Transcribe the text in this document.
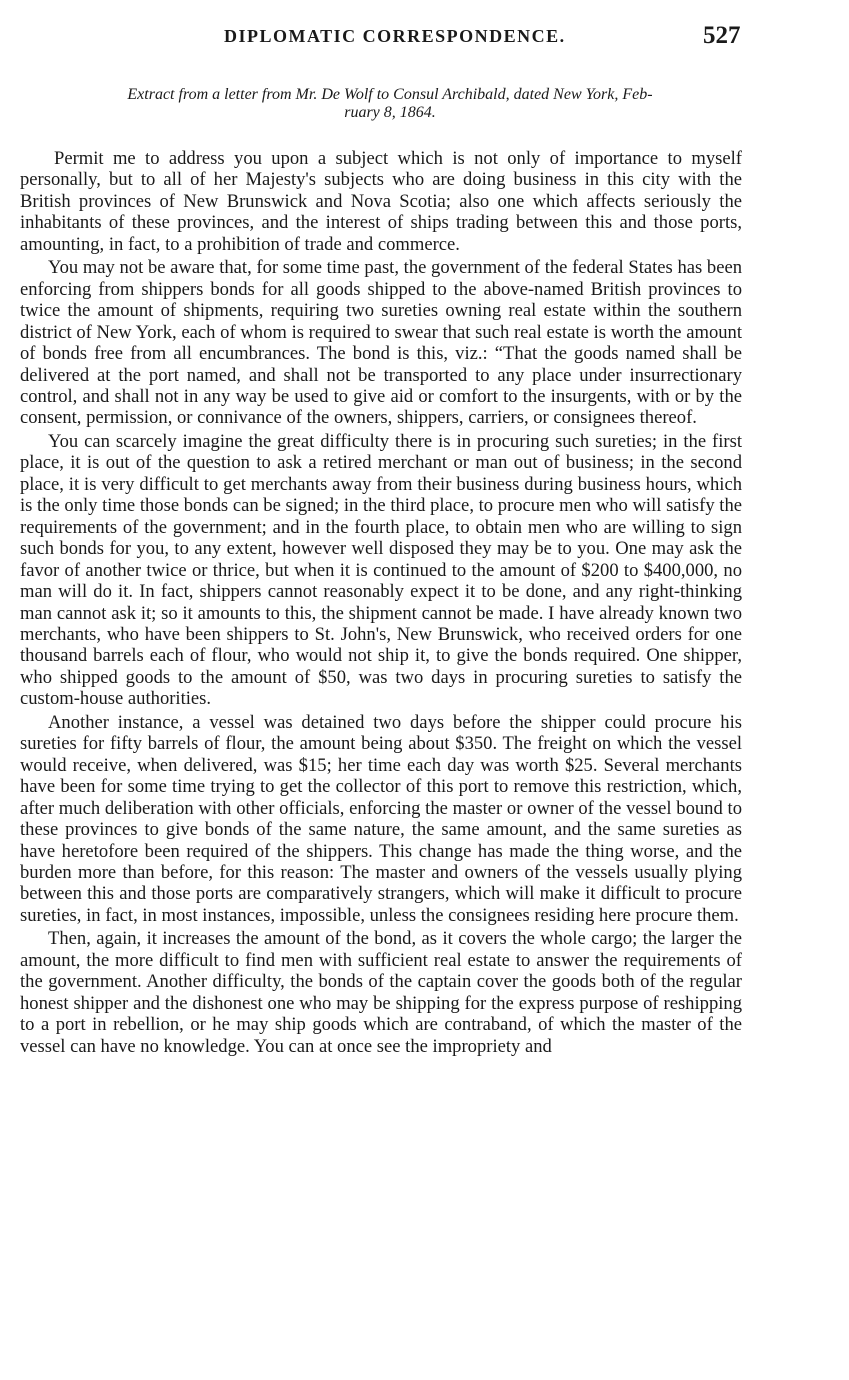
DIPLOMATIC CORRESPONDENCE.	527
Extract from a letter from Mr. De Wolf to Consul Archibald, dated New York, Feb-
ruary 8, 1864.

Permit me to address you upon a subject which is not only of importance to myself personally, but to all of her Majesty's subjects who are doing business in this city with the British provinces of New Brunswick and Nova Scotia; also one which affects seriously the inhabitants of these provinces, and the interest of ships trading between this and those ports, amounting, in fact, to a prohibition of trade and commerce.

You may not be aware that, for some time past, the government of the federal States has been enforcing from shippers bonds for all goods shipped to the above-named British provinces to twice the amount of shipments, requiring two sureties owning real estate within the southern district of New York, each of whom is required to swear that such real estate is worth the amount of bonds free from all encumbrances. The bond is this, viz.: “That the goods named shall be delivered at the port named, and shall not be transported to any place under insurrectionary control, and shall not in any way be used to give aid or comfort to the insurgents, with or by the consent, permission, or connivance of the owners, shippers, carriers, or consignees thereof.

You can scarcely imagine the great difficulty there is in procuring such sureties; in the first place, it is out of the question to ask a retired merchant or man out of business; in the second place, it is very difficult to get merchants away from their business during business hours, which is the only time those bonds can be signed; in the third place, to procure men who will satisfy the requirements of the government; and in the fourth place, to obtain men who are willing to sign such bonds for you, to any extent, however well disposed they may be to you. One may ask the favor of another twice or thrice, but when it is continued to the amount of $200 to $400,000, no man will do it. In fact, shippers cannot reasonably expect it to be done, and any right-thinking man cannot ask it; so it amounts to this, the shipment cannot be made. I have already known two merchants, who have been shippers to St. John's, New Brunswick, who received orders for one thousand barrels each of flour, who would not ship it, to give the bonds required. One shipper, who shipped goods to the amount of $50, was two days in procuring sureties to satisfy the custom-house authorities.

Another instance, a vessel was detained two days before the shipper could procure his sureties for fifty barrels of flour, the amount being about $350. The freight on which the vessel would receive, when delivered, was $15; her time each day was worth $25. Several merchants have been for some time trying to get the collector of this port to remove this restriction, which, after much deliberation with other officials, enforcing the master or owner of the vessel bound to these provinces to give bonds of the same nature, the same amount, and the same sureties as have heretofore been required of the shippers. This change has made the thing worse, and the burden more than before, for this reason: The master and owners of the vessels usually plying between this and those ports are comparatively strangers, which will make it difficult to procure sureties, in fact, in most instances, impossible, unless the consignees residing here procure them.

Then, again, it increases the amount of the bond, as it covers the whole cargo; the larger the amount, the more difficult to find men with sufficient real estate to answer the requirements of the government. Another difficulty, the bonds of the captain cover the goods both of the regular honest shipper and the dishonest one who may be shipping for the express purpose of reshipping to a port in rebellion, or he may ship goods which are contraband, of which the master of the vessel can have no knowledge. You can at once see the impropriety and
